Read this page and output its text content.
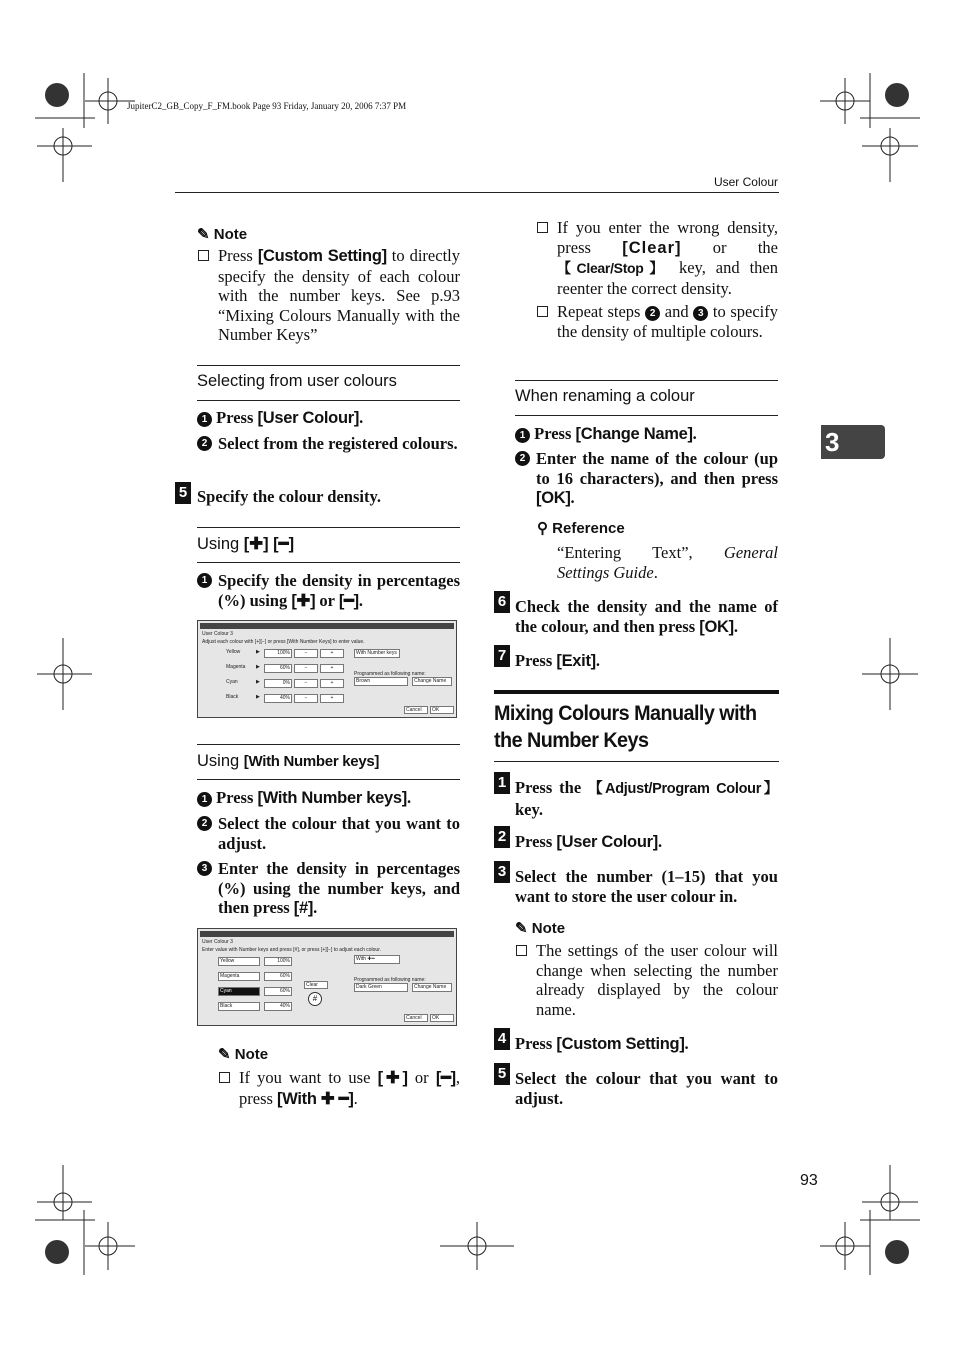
JupiterC2_GB_Copy_F_FM.book Page 93 Friday, January 20, 2006 7:37 PM
User Colour
3
✎ Note
Press [Custom Setting] to directly specify the density of each colour with the number keys. See p.93 “Mixing Colours Manually with the Number Keys”
Selecting from user colours
1 Press [User Colour].
2 Select from the registered colours.
5 Specify the colour density.
Using [✚] [━]
1 Specify the density in percentages (%) using [✚] or [━].
User Colour 3
Adjust each colour with [+][−] or press [With Number Keys] to enter value.
Yellow	▶	100%	−	+
Magenta ▶	60%	−	+
Cyan	▶	0%	−	+
Black	▶	40%	−	+
With Number keys
Programmed as following name:
Brown	Change Name
Cancel	OK
Using [With Number keys]
1 Press [With Number keys].
2 Select the colour that you want to adjust.
3 Enter the density in percentages (%) using the number keys, and then press [#].
User Colour 3
Enter value with Number keys and press [#], or press [+][−] to adjust each colour.
Yellow	100%
Magenta	60%
Cyan	60%
Black	40%
With ✚━
Clear
#
Programmed as following name:
Dark Green	Change Name
Cancel	OK
✎ Note
If you want to use [✚] or [━], press [With ✚ ━].
If you enter the wrong density, press [Clear] or the 【Clear/Stop】 key, and then reenter the correct density.
Repeat steps 2 and 3 to specify the density of multiple colours.
When renaming a colour
1 Press [Change Name].
2 Enter the name of the colour (up to 16 characters), and then press [OK].
⚲ Reference
“Entering Text”, General Settings Guide.
6 Check the density and the name of the colour, and then press [OK].
7 Press [Exit].
Mixing Colours Manually with the Number Keys
1 Press the 【Adjust/Program Colour】 key.
2 Press [User Colour].
3 Select the number (1–15) that you want to store the user colour in.
✎ Note
The settings of the user colour will change when selecting the number already displayed by the colour name.
4 Press [Custom Setting].
5 Select the colour that you want to adjust.
93
